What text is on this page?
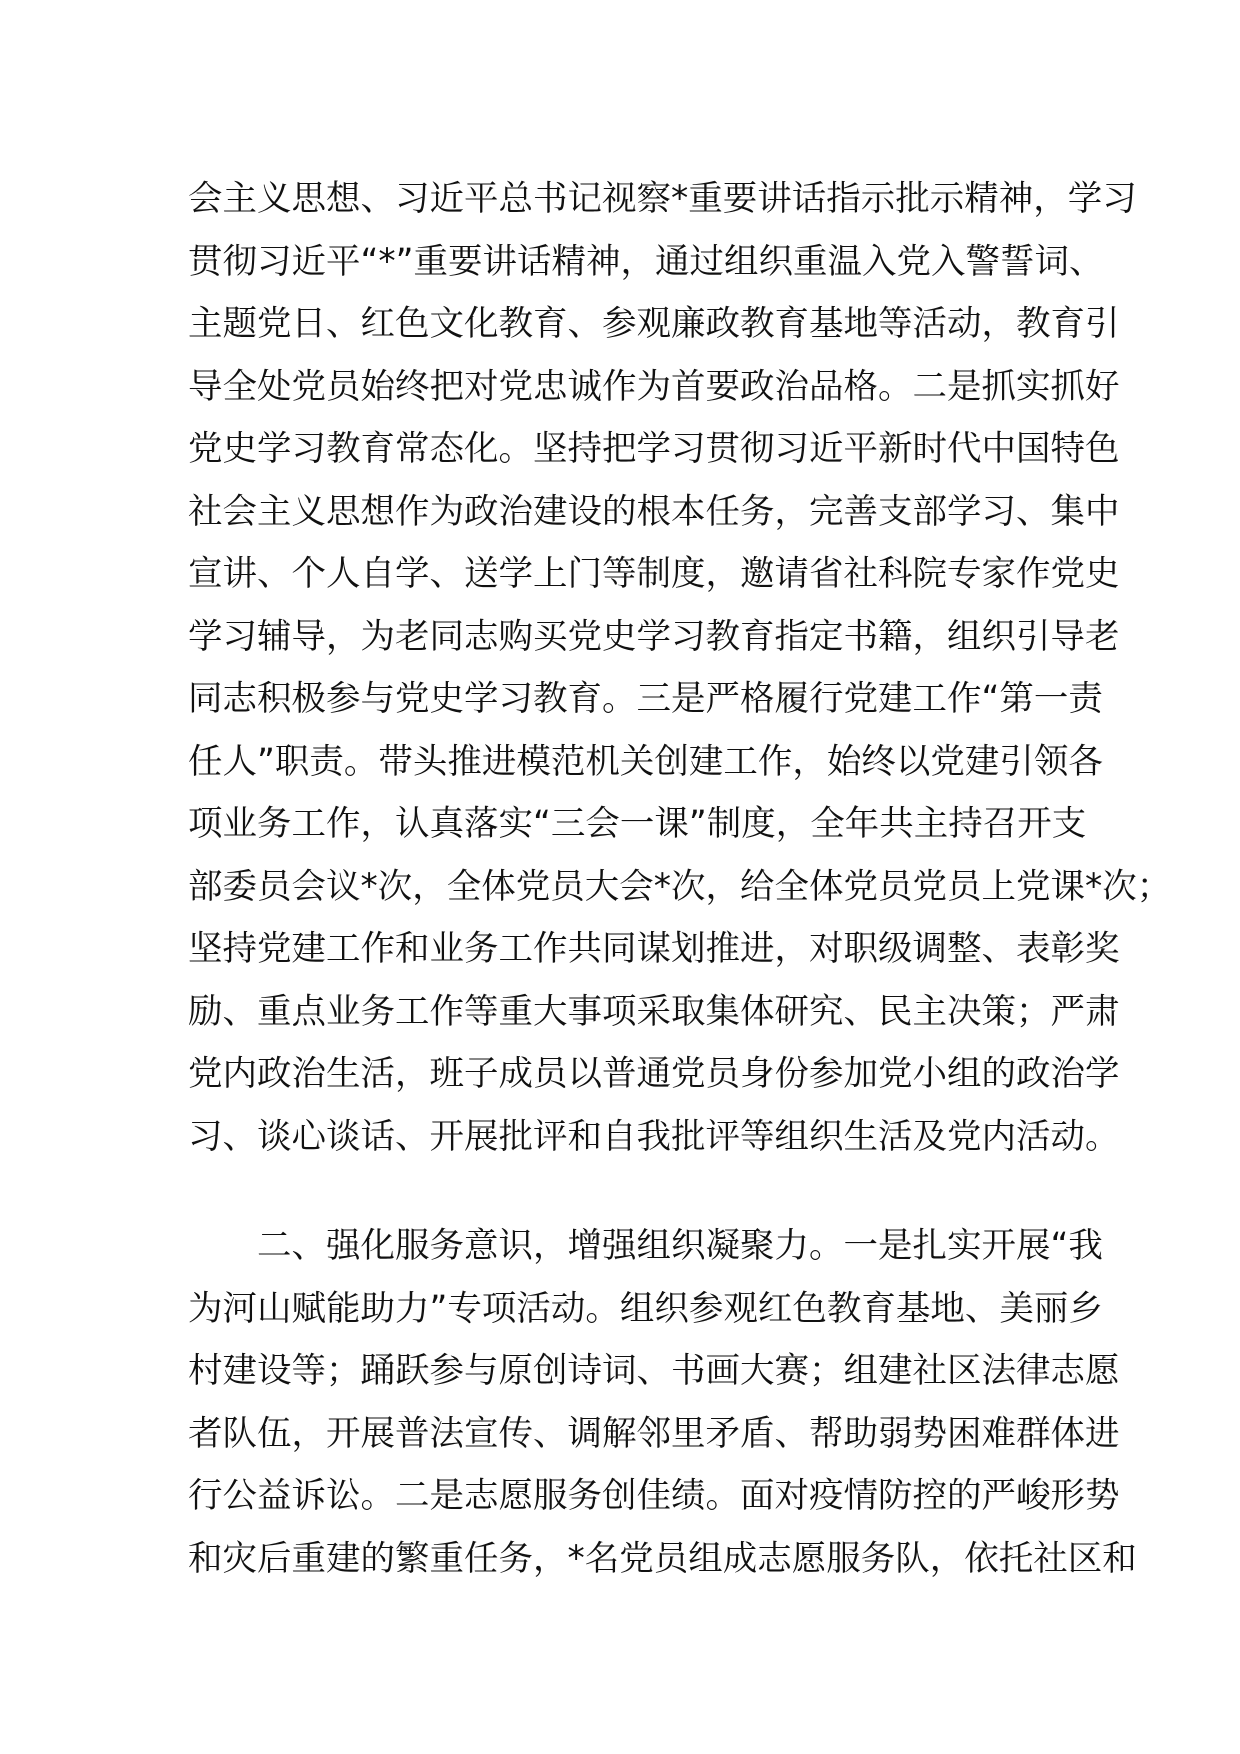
会主义思想、习近平总书记视察*重要讲话指示批示精神，学习
贯彻习近平“*”重要讲话精神，通过组织重温入党入警誓词、
主题党日、红色文化教育、参观廉政教育基地等活动，教育引
导全处党员始终把对党忠诚作为首要政治品格。二是抓实抓好
党史学习教育常态化。坚持把学习贯彻习近平新时代中国特色
社会主义思想作为政治建设的根本任务，完善支部学习、集中
宣讲、个人自学、送学上门等制度，邀请省社科院专家作党史
学习辅导，为老同志购买党史学习教育指定书籍，组织引导老
同志积极参与党史学习教育。三是严格履行党建工作“第一责
任人”职责。带头推进模范机关创建工作，始终以党建引领各
项业务工作，认真落实“三会一课”制度，全年共主持召开支
部委员会议*次，全体党员大会*次，给全体党员党员上党课*次；
坚持党建工作和业务工作共同谋划推进，对职级调整、表彰奖
励、重点业务工作等重大事项采取集体研究、民主决策；严肃
党内政治生活，班子成员以普通党员身份参加党小组的政治学
习、谈心谈话、开展批评和自我批评等组织生活及党内活动。
二、强化服务意识，增强组织凝聚力。一是扎实开展“我
为河山赋能助力”专项活动。组织参观红色教育基地、美丽乡
村建设等；踊跃参与原创诗词、书画大赛；组建社区法律志愿
者队伍，开展普法宣传、调解邻里矛盾、帮助弱势困难群体进
行公益诉讼。二是志愿服务创佳绩。面对疫情防控的严峻形势
和灾后重建的繁重任务，*名党员组成志愿服务队，依托社区和
